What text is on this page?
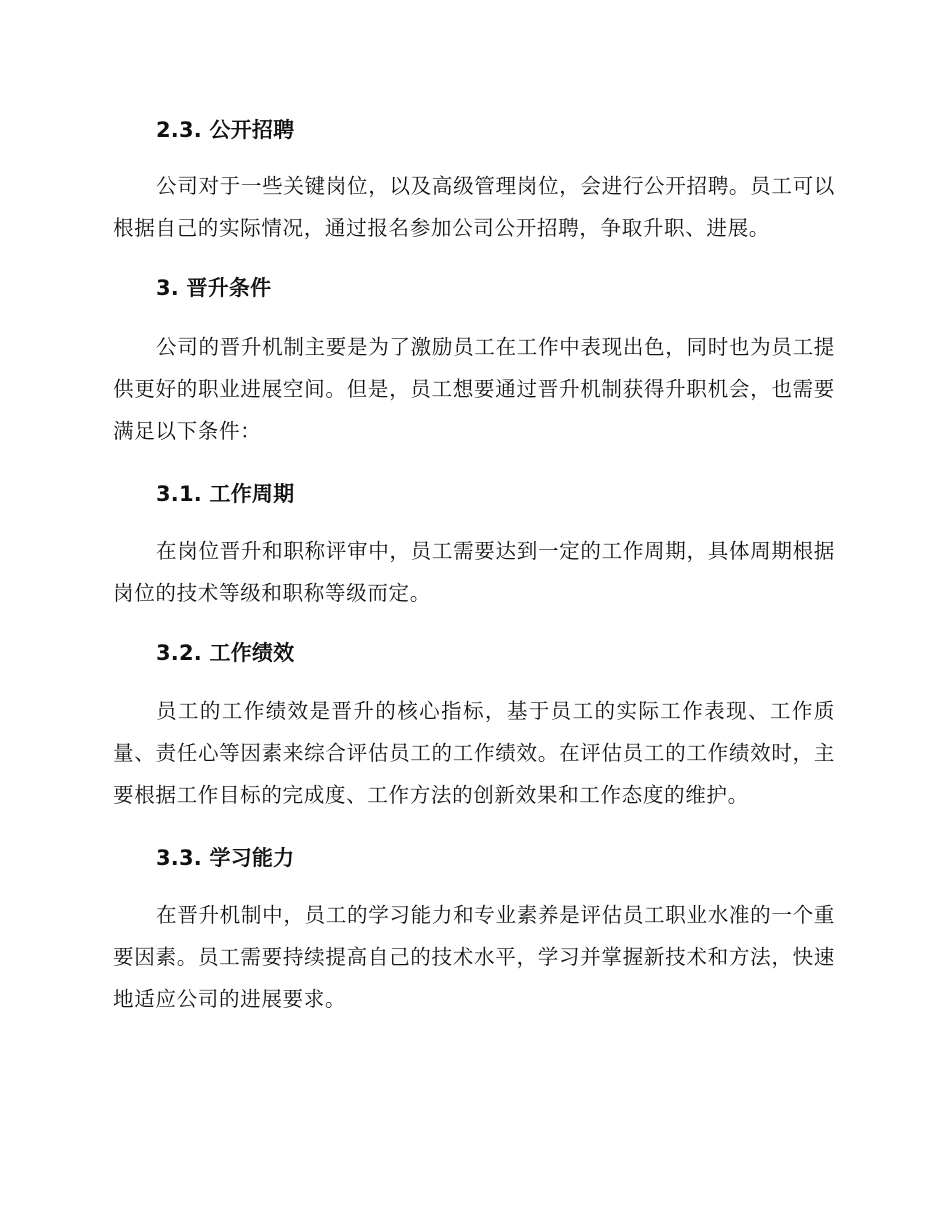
2.3. 公开招聘

公司对于一些关键岗位，以及高级管理岗位，会进行公开招聘。员工可以根据自己的实际情况，通过报名参加公司公开招聘，争取升职、进展。

3. 晋升条件

公司的晋升机制主要是为了激励员工在工作中表现出色，同时也为员工提供更好的职业进展空间。但是，员工想要通过晋升机制获得升职机会，也需要满足以下条件：

3.1. 工作周期

在岗位晋升和职称评审中，员工需要达到一定的工作周期，具体周期根据岗位的技术等级和职称等级而定。

3.2. 工作绩效

员工的工作绩效是晋升的核心指标，基于员工的实际工作表现、工作质量、责任心等因素来综合评估员工的工作绩效。在评估员工的工作绩效时，主要根据工作目标的完成度、工作方法的创新效果和工作态度的维护。

3.3. 学习能力

在晋升机制中，员工的学习能力和专业素养是评估员工职业水准的一个重要因素。员工需要持续提高自己的技术水平，学习并掌握新技术和方法，快速地适应公司的进展要求。
